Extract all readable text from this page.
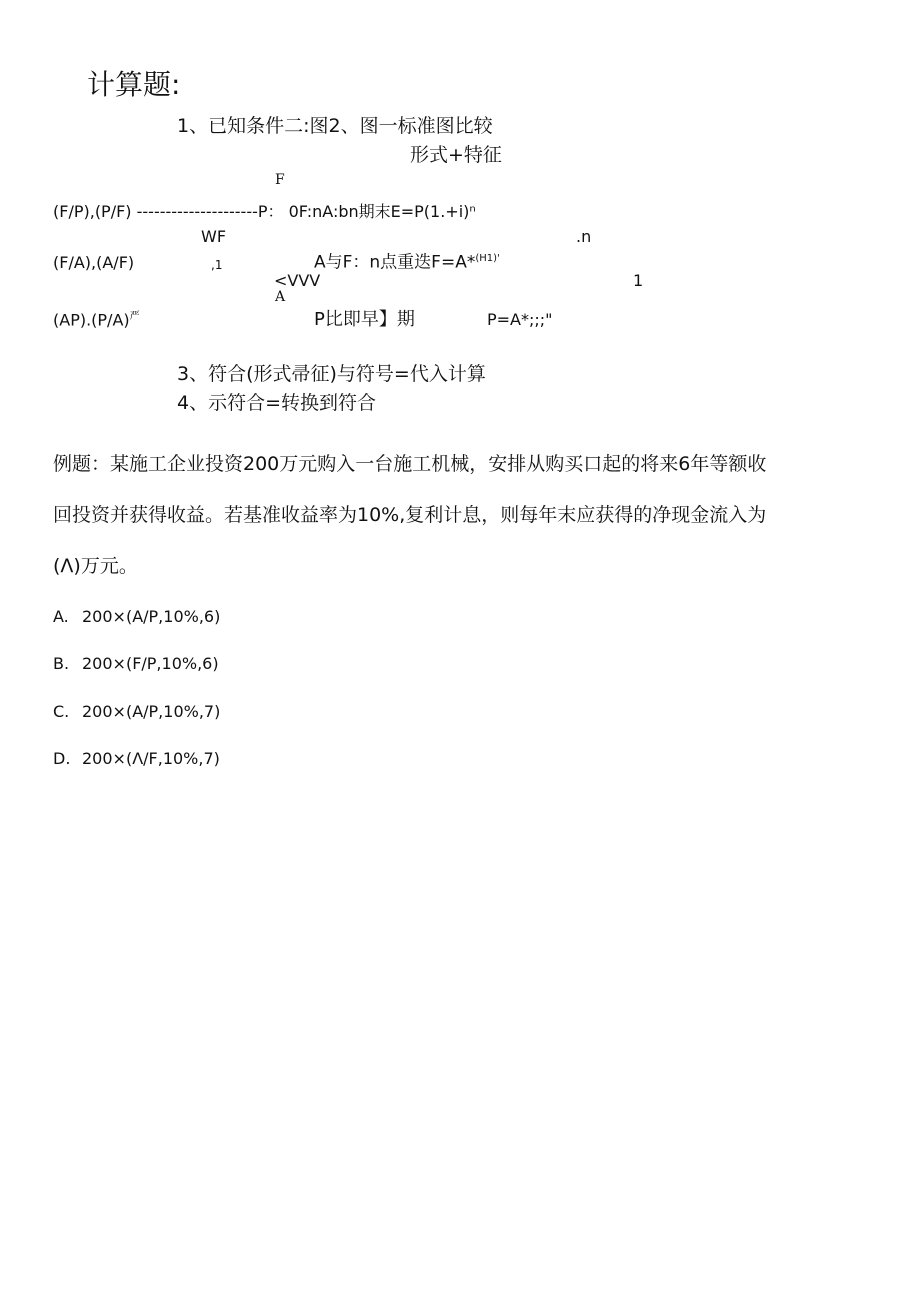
计算题:
1、已知条件二:图2、图一标准图比较
形式+特征
F
(F/P),(P/F) ---------------------P： 0F:nA:bn期末E=P(1.+i)ⁿ
WF	.n
(F/A),(A/F)	,1	A与F：n点重迭F=A*$^{(H1)'}$
<VVV	1
A
$(AP).(P/A)^严$	P比即早】期	P=A*;;;"
3、符合(形式帚征)与符号=代入计算
4、示符合=转换到符合
例题：某施工企业投资200万元购入一台施工机械，安排从购买口起的将来6年等额收
回投资并获得收益。若基准收益率为10%,复利计息，则每年末应获得的净现金流入为
(Λ)万元。
A. 200×(A/P,10%,6)
B. 200×(F/P,10%,6)
C. 200×(A/P,10%,7)
D. 200×(Λ/F,10%,7)
